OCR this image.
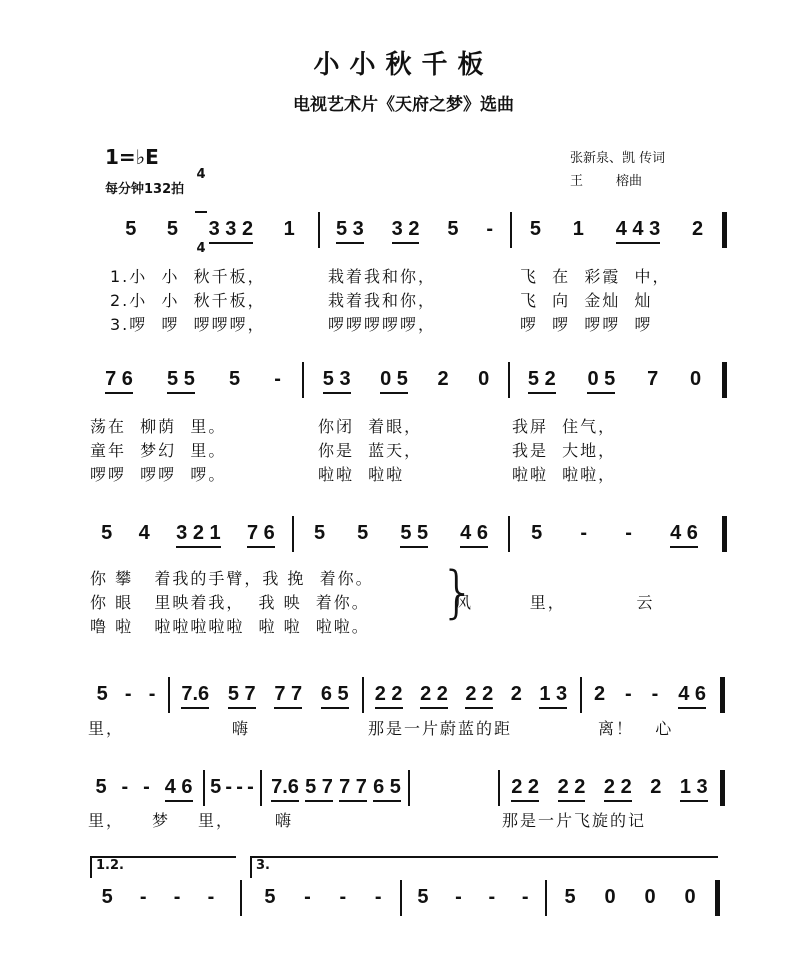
小小秋千板
电视艺术片《天府之梦》选曲
1=♭E

4

4

每分钟132拍
张新泉、凯 传词
王        榕曲
}
1.2.	3.
5 5 3 3 2 1 5 3 3 2 5 - 5 1 4 4 3 2
1.小  小  秋千板，	栽着我和你，	飞  在  彩霞  中，
2.小  小  秋千板，	栽着我和你，	飞  向  金灿  灿
3.啰  啰  啰啰啰，	啰啰啰啰啰，	啰  啰  啰啰  啰
7 6 5 5 5 - 5 3 0 5 2 0 5 2 0 5 7 0
荡在  柳荫  里。	你闭  着眼，	我屏  住气，
童年  梦幻  里。	你是  蓝天，	我是  大地，
啰啰  啰啰  啰。	啦啦  啦啦	啦啦  啦啦，
5 4 3 2 1 7 6 5 5 5 5 4 6 5 - - 4 6
你 攀   着我的手臂，我 挽  着你。
你 眼   里映着我，  我 映  着你。	风        里，          云
噜 啦   啦啦啦啦啦  啦 啦  啦啦。
5 - - 7.6 5 7 7 7 6 5 2 2 2 2 2 2 2 1 3 2 - - 4 6
里，	嗨	那是一片蔚蓝的距	离！   心
5 - - 4 6 5 - - - 7.6 5 7 7 7 6 5	2 2 2 2 2 2 2 1 3
里， 梦 里，	嗨	那是一片飞旋的记
5 - - -	5 - - - 5 - - - 5 0 0 0
